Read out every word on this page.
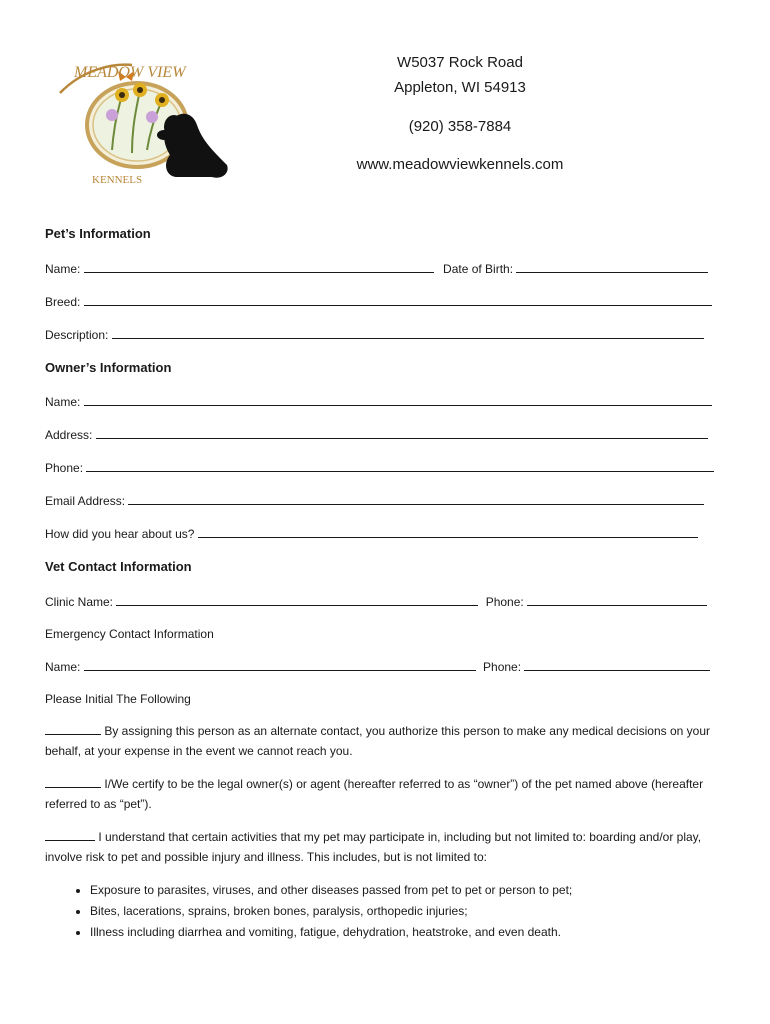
KENNELS
MEADOW VIEW
W5037 Rock Road
Appleton, WI 54913
(920) 358-7884
www.meadowviewkennels.com
Pet’s Information
Name:	Date of Birth:
Breed:
Description:
Owner’s Information
Name:
Address:
Phone:
Email Address:
How did you hear about us?
Vet Contact Information
Clinic Name:	Phone:
Emergency Contact Information
Name:	Phone:
Please Initial The Following
By assigning this person as an alternate contact, you authorize this person to make any medical decisions on your behalf, at your expense in the event we cannot reach you.
I/We certify to be the legal owner(s) or agent (hereafter referred to as “owner”) of the pet named above (hereafter referred to as “pet”).
I understand that certain activities that my pet may participate in, including but not limited to: boarding and/or play, involve risk to pet and possible injury and illness. This includes, but is not limited to:
• Exposure to parasites, viruses, and other diseases passed from pet to pet or person to pet;
• Bites, lacerations, sprains, broken bones, paralysis, orthopedic injuries;
• Illness including diarrhea and vomiting, fatigue, dehydration, heatstroke, and even death.
